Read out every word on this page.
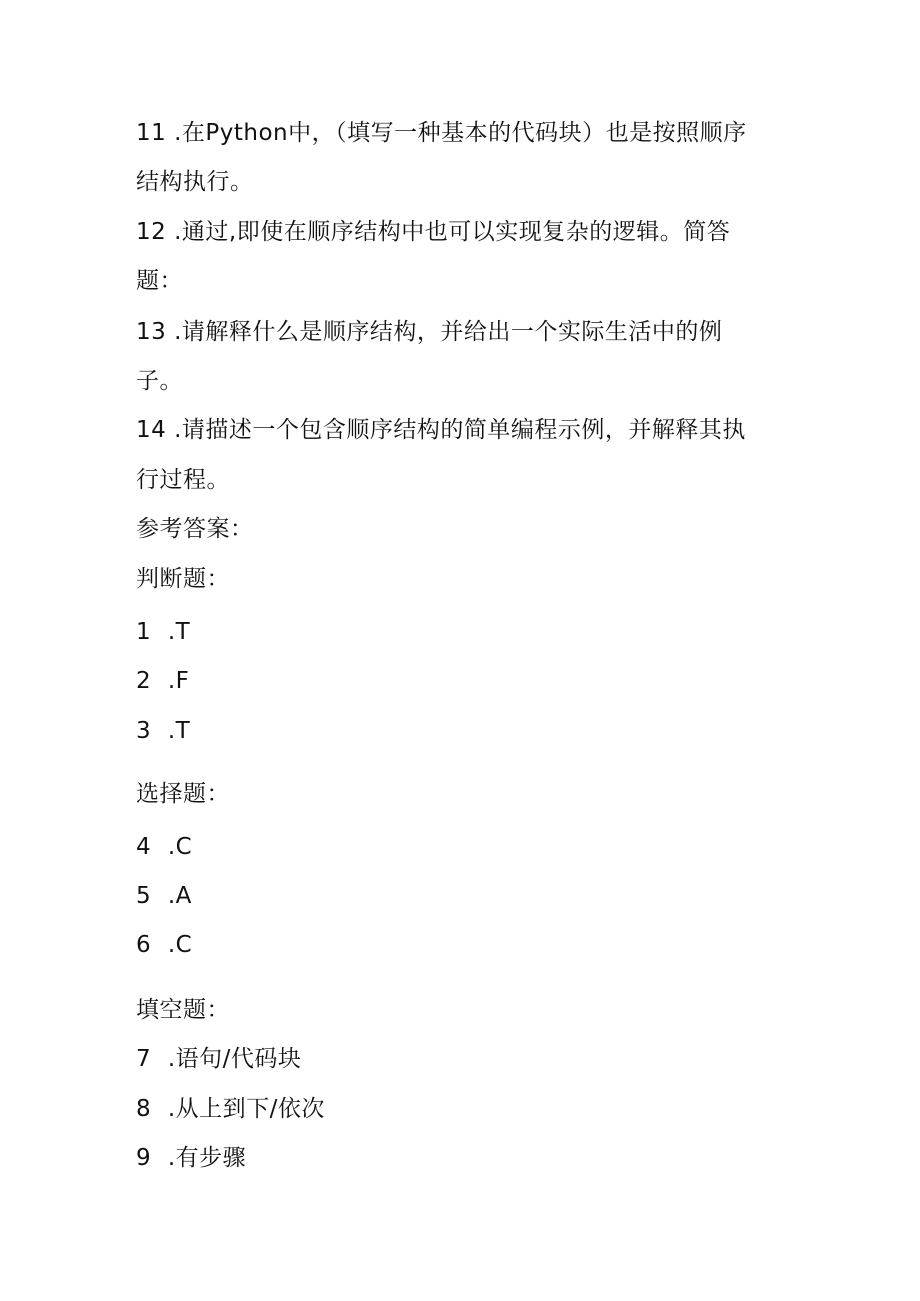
11 .在Python中，（填写一种基本的代码块）也是按照顺序
结构执行。
12 .通过,即使在顺序结构中也可以实现复杂的逻辑。简答
题：
13 .请解释什么是顺序结构，并给出一个实际生活中的例
子。
14 .请描述一个包含顺序结构的简单编程示例，并解释其执
行过程。
参考答案：
判断题：
1 .T
2 .F
3 .T
选择题：
4 .C
5 .A
6 .C
填空题：
7 .语句/代码块
8 .从上到下/依次
9 .有步骤
